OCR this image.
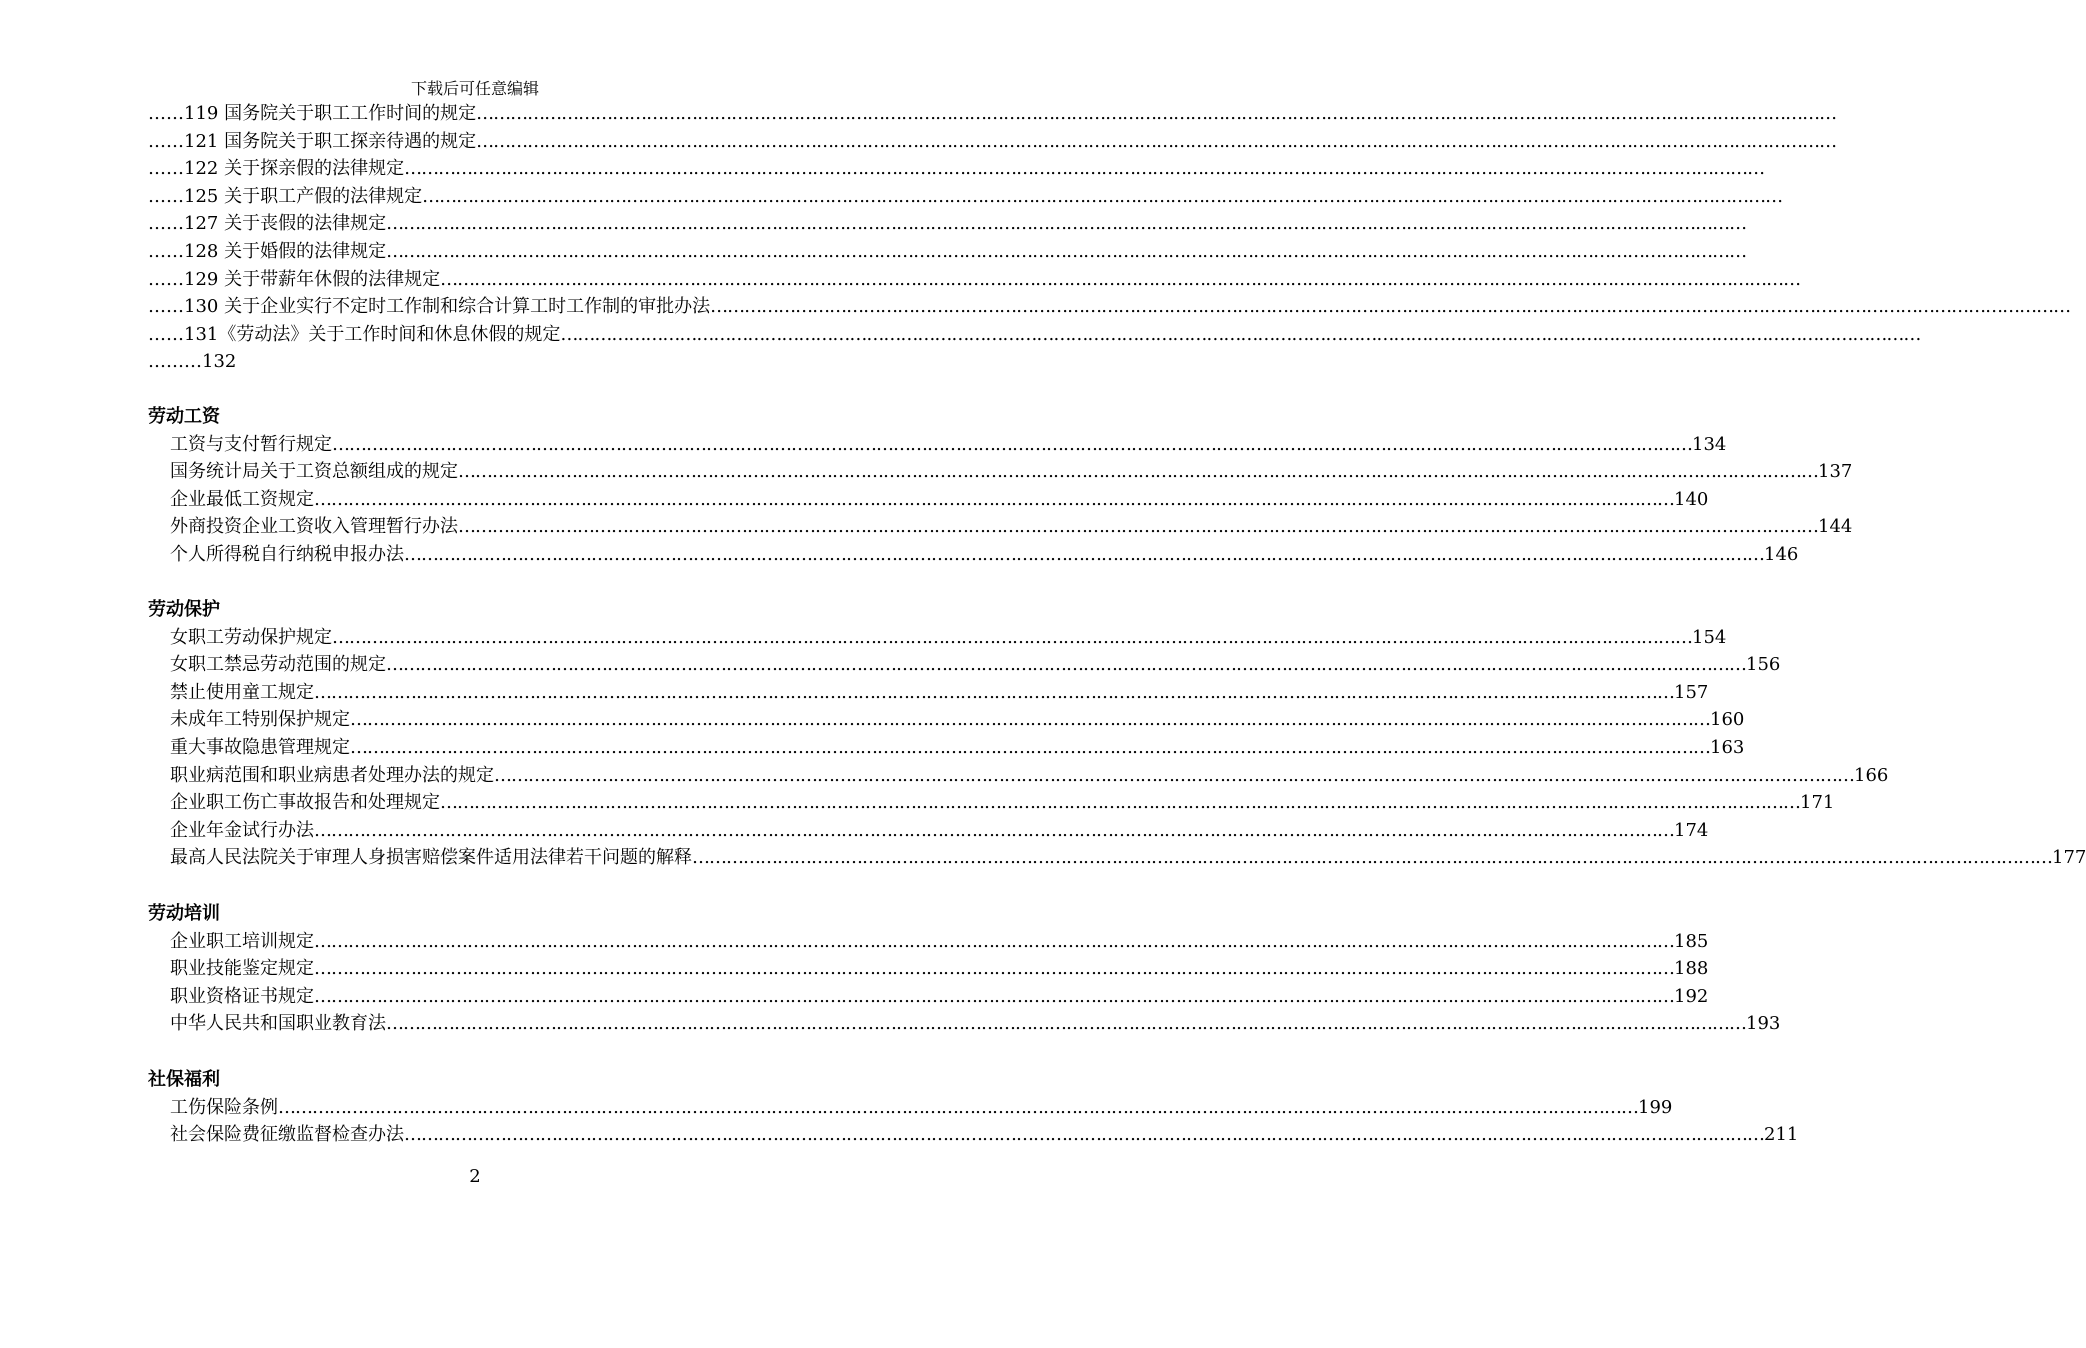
下载后可任意编辑
…… 119 国务院关于职工工作时间的规定 ……………………………………………………………………………………………………………………………………………………………………………………………………………………
…… 121 国务院关于职工探亲待遇的规定 ……………………………………………………………………………………………………………………………………………………………………………………………………………………
…… 122 关于探亲假的法律规定 ……………………………………………………………………………………………………………………………………………………………………………………………………………………
…… 125 关于职工产假的法律规定 ……………………………………………………………………………………………………………………………………………………………………………………………………………………
…… 127 关于丧假的法律规定 ……………………………………………………………………………………………………………………………………………………………………………………………………………………
…… 128 关于婚假的法律规定 ……………………………………………………………………………………………………………………………………………………………………………………………………………………
…… 129 关于带薪年休假的法律规定 ……………………………………………………………………………………………………………………………………………………………………………………………………………………
…… 130 关于企业实行不定时工作制和综合计算工时工作制的审批办法 ……………………………………………………………………………………………………………………………………………………………………………………………………………………
…… 131《劳动法》关于工作时间和休息休假的规定 ……………………………………………………………………………………………………………………………………………………………………………………………………………………
………132
劳动工资
工资与支付暂行规定 …………………………………………………………………………………………………………………………………………………………………………………………………………………… 134
国务统计局关于工资总额组成的规定 …………………………………………………………………………………………………………………………………………………………………………………………………………………… 137
企业最低工资规定 …………………………………………………………………………………………………………………………………………………………………………………………………………………… 140
外商投资企业工资收入管理暂行办法 …………………………………………………………………………………………………………………………………………………………………………………………………………………… 144
个人所得税自行纳税申报办法 …………………………………………………………………………………………………………………………………………………………………………………………………………………… 146
劳动保护
女职工劳动保护规定 …………………………………………………………………………………………………………………………………………………………………………………………………………………… 154
女职工禁忌劳动范围的规定 …………………………………………………………………………………………………………………………………………………………………………………………………………………… 156
禁止使用童工规定 …………………………………………………………………………………………………………………………………………………………………………………………………………………… 157
未成年工特别保护规定 …………………………………………………………………………………………………………………………………………………………………………………………………………………… 160
重大事故隐患管理规定 …………………………………………………………………………………………………………………………………………………………………………………………………………………… 163
职业病范围和职业病患者处理办法的规定 …………………………………………………………………………………………………………………………………………………………………………………………………………………… 166
企业职工伤亡事故报告和处理规定 …………………………………………………………………………………………………………………………………………………………………………………………………………………… 171
企业年金试行办法 …………………………………………………………………………………………………………………………………………………………………………………………………………………… 174
最高人民法院关于审理人身损害赔偿案件适用法律若干问题的解释 …………………………………………………………………………………………………………………………………………………………………………………………………………………… 177
劳动培训
企业职工培训规定 …………………………………………………………………………………………………………………………………………………………………………………………………………………… 185
职业技能鉴定规定 …………………………………………………………………………………………………………………………………………………………………………………………………………………… 188
职业资格证书规定 …………………………………………………………………………………………………………………………………………………………………………………………………………………… 192
中华人民共和国职业教育法 …………………………………………………………………………………………………………………………………………………………………………………………………………………… 193
社保福利
工伤保险条例 …………………………………………………………………………………………………………………………………………………………………………………………………………………… 199
社会保险费征缴监督检查办法 …………………………………………………………………………………………………………………………………………………………………………………………………………………… 211
2
